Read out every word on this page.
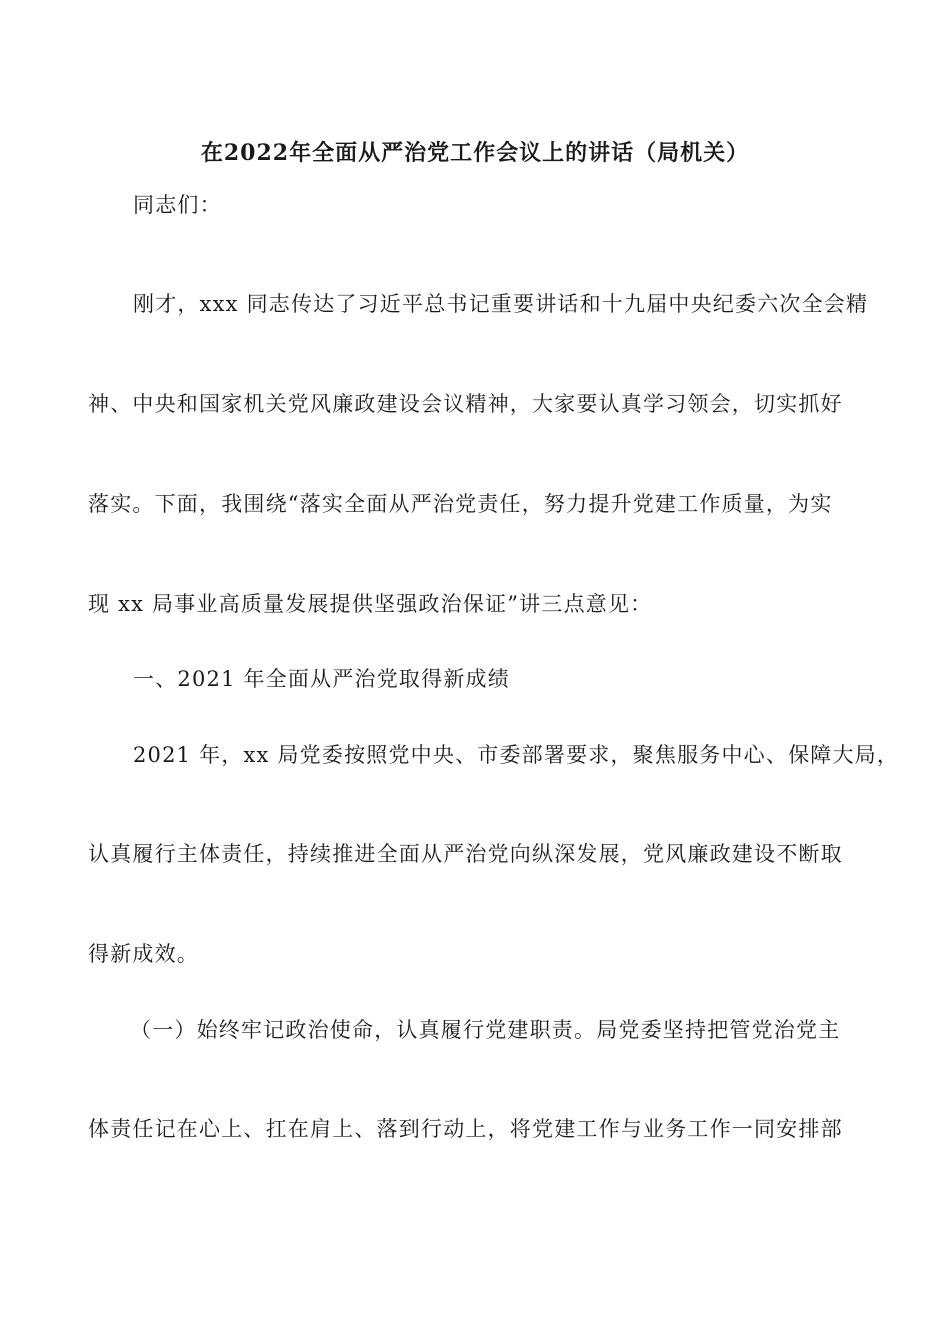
在2022年全面从严治党工作会议上的讲话（局机关）
同志们：
刚才，xxx 同志传达了习近平总书记重要讲话和十九届中央纪委六次全会精
神、中央和国家机关党风廉政建设会议精神，大家要认真学习领会，切实抓好
落实。下面，我围绕“落实全面从严治党责任，努力提升党建工作质量，为实
现 xx 局事业高质量发展提供坚强政治保证”讲三点意见：
一、2021 年全面从严治党取得新成绩
2021 年，xx 局党委按照党中央、市委部署要求，聚焦服务中心、保障大局，
认真履行主体责任，持续推进全面从严治党向纵深发展，党风廉政建设不断取
得新成效。
（一）始终牢记政治使命，认真履行党建职责。局党委坚持把管党治党主
体责任记在心上、扛在肩上、落到行动上，将党建工作与业务工作一同安排部
